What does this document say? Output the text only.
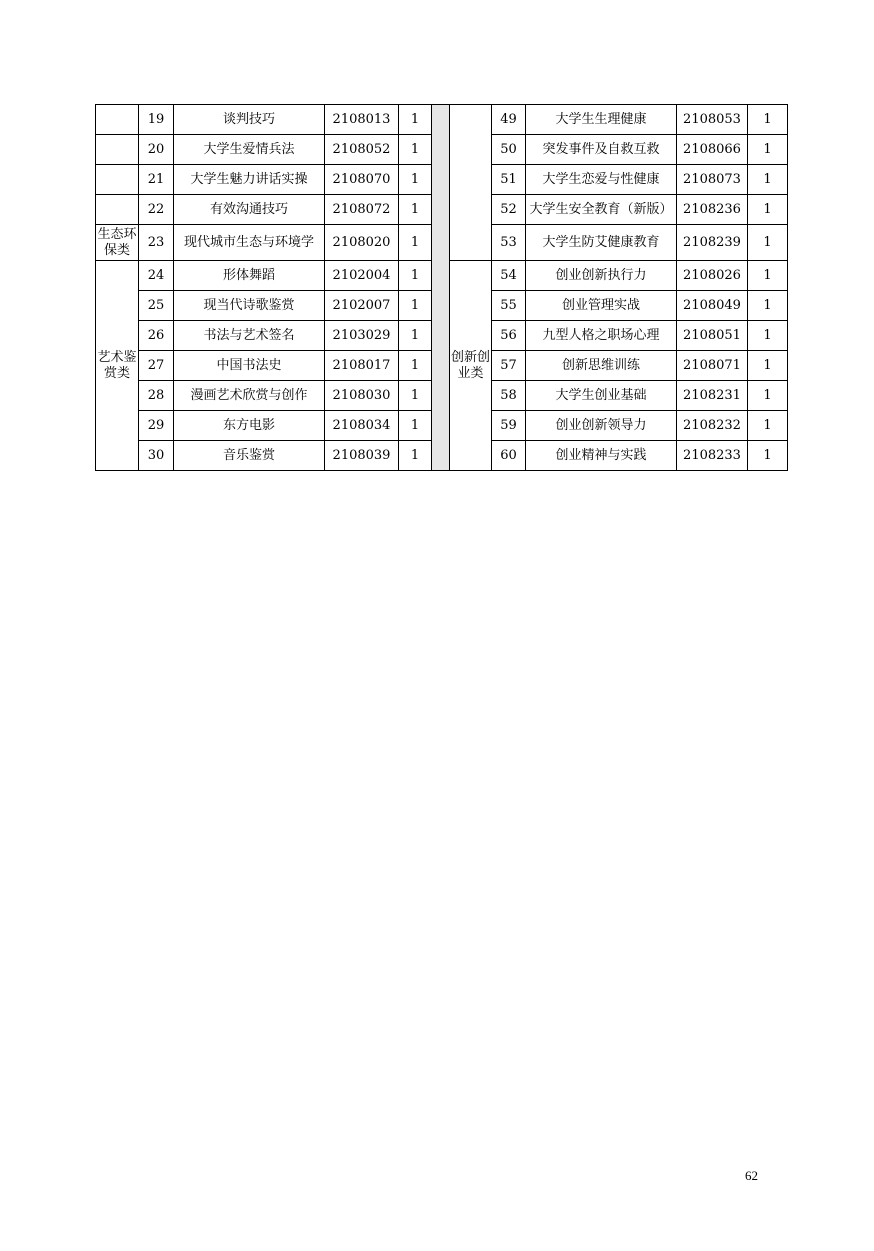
	19	谈判技巧	2108013	1			49	大学生生理健康	2108053	1
	20	大学生爱情兵法	2108052	1			50	突发事件及自救互救	2108066	1
	21	大学生魅力讲话实操	2108070	1			51	大学生恋爱与性健康	2108073	1
	22	有效沟通技巧	2108072	1			52	大学生安全教育（新版）	2108236	1
生态环保类	23	现代城市生态与环境学	2108020	1			53	大学生防艾健康教育	2108239	1
艺术鉴赏类	24	形体舞蹈	2102004	1		创新创业类	54	创业创新执行力	2108026	1
	25	现当代诗歌鉴赏	2102007	1			55	创业管理实战	2108049	1
	26	书法与艺术签名	2103029	1			56	九型人格之职场心理	2108051	1
	27	中国书法史	2108017	1			57	创新思维训练	2108071	1
	28	漫画艺术欣赏与创作	2108030	1			58	大学生创业基础	2108231	1
	29	东方电影	2108034	1			59	创业创新领导力	2108232	1
	30	音乐鉴赏	2108039	1			60	创业精神与实践	2108233	1
62
